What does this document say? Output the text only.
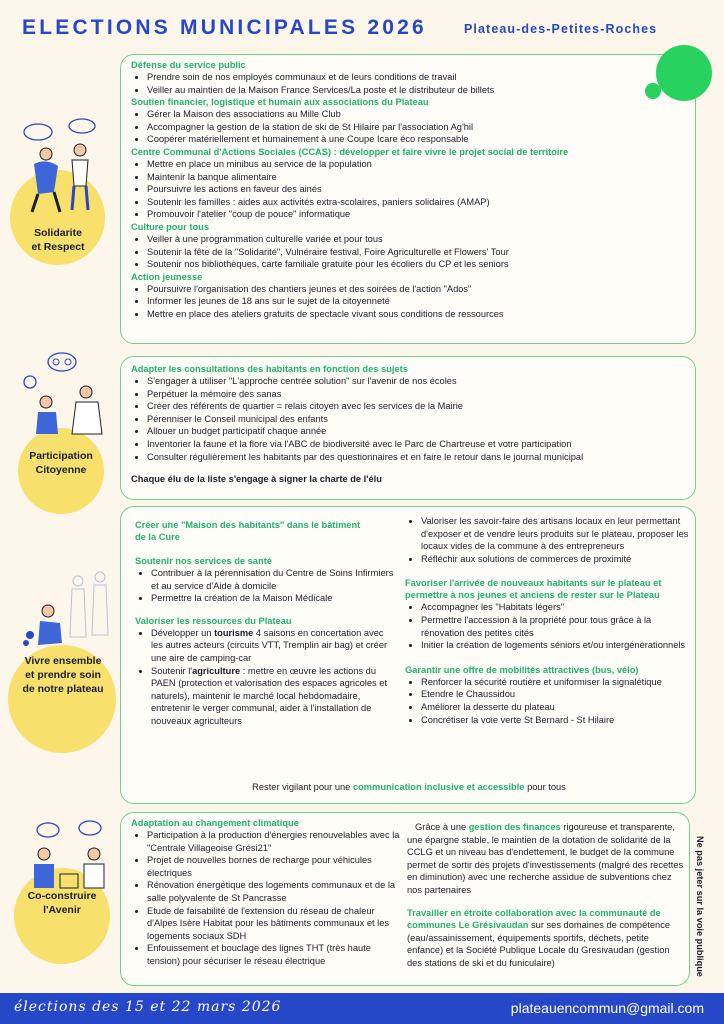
ELECTIONS MUNICIPALES 2026	Plateau-des-Petites-Roches
Solidarite
et Respect
Défense du service public
• Prendre soin de nos employés communaux et de leurs conditions de travail
• Veiller au maintien de la Maison France Services/La poste et le distributeur de billets
Soutien financier, logistique et humain aux associations du Plateau
• Gérer la Maison des associations au Mille Club
• Accompagner la gestion de la station de ski de St Hilaire par l'association Ag'hil
• Coopérer matériellement et humainement à une Coupe Icare éco responsable
Centre Communal d'Actions Sociales (CCAS) : développer et faire vivre le projet social de territoire
• Mettre en place un minibus au service de la population
• Maintenir la banque alimentaire
• Poursuivre les actions en faveur des ainés
• Soutenir les familles : aides aux activités extra-scolaires, paniers solidaires (AMAP)
• Promouvoir l'atelier "coup de pouce" informatique
Culture pour tous
• Veiller à une programmation culturelle variée et pour tous
• Soutenir la fête de la "Solidarité", Vulnéraire festival, Foire Agriculturelle et Flowers' Tour
• Soutenir nos bibliothèques, carte familiale gratuite pour les écoliers du CP et les seniors
Action jeunesse
• Poursuivre l'organisation des chantiers jeunes et des soirées de l'action "Ados"
• Informer les jeunes de 18 ans sur le sujet de la citoyenneté
• Mettre en place des ateliers gratuits de spectacle vivant sous conditions de ressources
Participation
Citoyenne
Adapter les consultations des habitants en fonction des sujets
• S'engager à utiliser "L'approche centrée solution" sur l'avenir de nos écoles
• Perpétuer la mémoire des sanas
• Créer des référents de quartier = relais citoyen avec les services de la Mairie
• Pérenniser le Conseil municipal des enfants
• Allouer un budget participatif chaque année
• Inventorier la faune et la flore via l'ABC de biodiversité avec le Parc de Chartreuse et votre participation
• Consulter régulièrement les habitants par des questionnaires et en faire le retour dans le journal municipal
Chaque élu de la liste s'engage à signer la charte de l'élu
Vivre ensemble
et prendre soin
de notre plateau
Créer une "Maison des habitants" dans le bâtiment
de la Cure
Soutenir nos services de santé
• Contribuer à la pérennisation du Centre de Soins Infirmiers et au service d'Aide à domicile
• Permettre la création de la Maison Médicale
Valoriser les ressources du Plateau
• Développer un tourisme 4 saisons en concertation avec les autres acteurs (circuits VTT, Tremplin air bag) et créer une aire de camping-car
• Soutenir l'agriculture : mettre en œuvre les actions du PAEN (protection et valorisation des espaces agricoles et naturels), maintenir le marché local hebdomadaire, entretenir le verger communal, aider à l'installation de nouveaux agriculteurs
• Valoriser les savoir-faire des artisans locaux en leur permettant d'exposer et de vendre leurs produits sur le plateau, proposer les locaux vides de la commune à des entrepreneurs
• Réfléchir aux solutions de commerces de proximité
Favoriser l'arrivée de nouveaux habitants sur le plateau et
permettre à nos jeunes et anciens de rester sur le Plateau
• Accompagner les "Habitats légers"
• Permettre l'accession à la propriété pour tous grâce à la rénovation des petites cités
• Initier la création de logements séniors et/ou intergénérationnels
Garantir une offre de mobilités attractives (bus, vélo)
• Renforcer la sécurité routière et uniformiser la signalétique
• Etendre le Chaussidou
• Améliorer la desserte du plateau
• Concrétiser la voie verte St Bernard - St Hilaire
Rester vigilant pour une communication inclusive et accessible pour tous
Co-construire
l'Avenir
Adaptation au changement climatique
• Participation à la production d'énergies renouvelables avec la "Centrale Villageoise Grési21"
• Projet de nouvelles bornes de recharge pour véhicules électriques
• Rénovation énergétique des logements communaux et de la salle polyvalente de St Pancrasse
• Etude de faisabilité de l'extension du réseau de chaleur d'Alpes Isère Habitat pour les bâtiments communaux et les logements sociaux SDH
• Enfouissement et bouclage des lignes THT (très haute tension) pour sécuriser le réseau électrique
Grâce à une gestion des finances rigoureuse et transparente, une épargne stable, le maintien de la dotation de solidarité de la CCLG et un niveau bas d'endettement, le budget de la commune permet de sortir des projets d'investissements (malgré des recettes en diminution) avec une recherche assidue de subventions chez nos partenaires
Travailler en étroite collaboration avec la communauté de communes Le Grésivaudan sur ses domaines de compétence (eau/assainissement, équipements sportifs, déchets, petite enfance) et la Société Publique Locale du Gresivaudan (gestion des stations de ski et du funiculaire)	Ne pas jeter sur la voie publique
élections des 15 et 22 mars 2026	plateauencommun@gmail.com
